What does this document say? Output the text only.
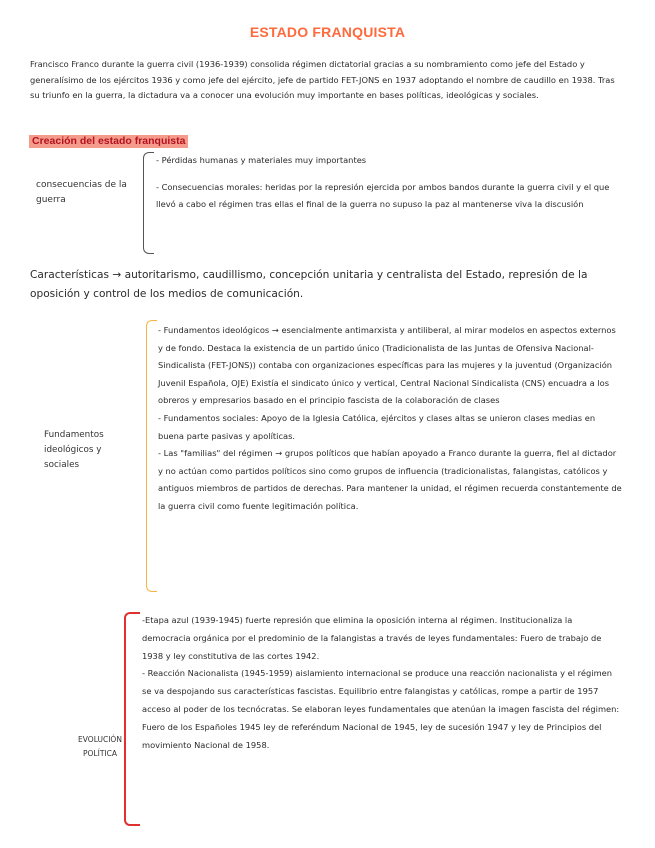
ESTADO FRANQUISTA

Francisco Franco durante la guerra civil (1936-1939) consolida régimen dictatorial gracias a su nombramiento como jefe del Estado y generalísimo de los ejércitos 1936 y como jefe del ejército, jefe de partido FET-JONS en 1937 adoptando el nombre de caudillo en 1938. Tras su triunfo en la guerra, la dictadura va a conocer una evolución muy importante en bases políticas, ideológicas y sociales.

Creación del estado franquista
consecuencias de la guerra

- Pérdidas humanas y materiales muy importantes

- Consecuencias morales: heridas por la represión ejercida por ambos bandos durante la guerra civil y el que llevó a cabo el régimen tras ellas el final de la guerra no supuso la paz al mantenerse viva la discusión

Características → autoritarismo, caudillismo, concepción unitaria y centralista del Estado, represión de la oposición y control de los medios de comunicación.

Fundamentos ideológicos y sociales

- Fundamentos ideológicos → esencialmente antimarxista y antiliberal, al mirar modelos en aspectos externos y de fondo. Destaca la existencia de un partido único (Tradicionalista de las Juntas de Ofensiva Nacional-Sindicalista (FET-JONS)) contaba con organizaciones específicas para las mujeres y la juventud (Organización Juvenil Española, OJE) Existía el sindicato único y vertical, Central Nacional Sindicalista (CNS) encuadra a los obreros y empresarios basado en el principio fascista de la colaboración de clases

- Fundamentos sociales: Apoyo de la Iglesia Católica, ejércitos y clases altas se unieron clases medias en buena parte pasivas y apolíticas.

- Las "familias" del régimen → grupos políticos que habían apoyado a Franco durante la guerra, fiel al dictador y no actúan como partidos políticos sino como grupos de influencia (tradicionalistas, falangistas, católicos y antiguos miembros de partidos de derechas. Para mantener la unidad, el régimen recuerda constantemente de la guerra civil como fuente legitimación política.

EVOLUCIÓN POLÍTICA

-Etapa azul (1939-1945) fuerte represión que elimina la oposición interna al régimen. Institucionaliza la democracia orgánica por el predominio de la falangistas a través de leyes fundamentales: Fuero de trabajo de 1938 y ley constitutiva de las cortes 1942.

- Reacción Nacionalista (1945-1959) aislamiento internacional se produce una reacción nacionalista y el régimen se va despojando sus características fascistas. Equilibrio entre falangistas y católicas, rompe a partir de 1957 acceso al poder de los tecnócratas. Se elaboran leyes fundamentales que atenúan la imagen fascista del régimen: Fuero de los Españoles 1945 ley de referéndum Nacional de 1945, ley de sucesión 1947 y ley de Principios del movimiento Nacional de 1958.
